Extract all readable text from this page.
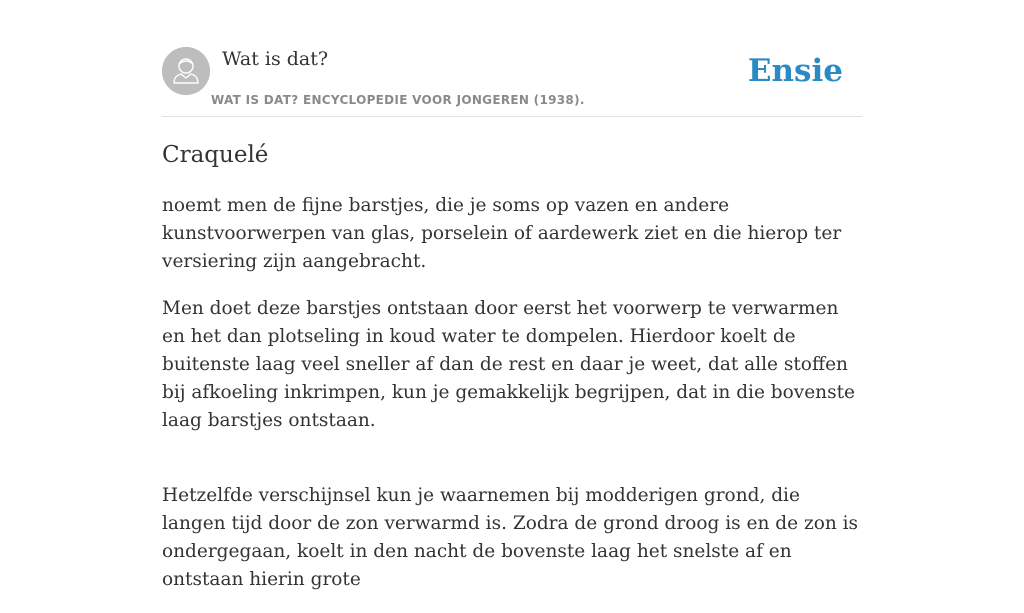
Wat is dat?
WAT IS DAT? ENCYCLOPEDIE VOOR JONGEREN (1938).
Ensie
Craquelé

noemt men de fijne barstjes, die je soms op vazen en andere kunstvoorwerpen van glas, porselein of aardewerk ziet en die hierop ter versiering zijn aangebracht.

Men doet deze barstjes ontstaan door eerst het voorwerp te verwarmen en het dan plotseling in koud water te dompelen. Hierdoor koelt de buitenste laag veel sneller af dan de rest en daar je weet, dat alle stoffen bij afkoeling inkrimpen, kun je gemakkelijk begrijpen, dat in die bovenste laag barstjes ontstaan.

Hetzelfde verschijnsel kun je waarnemen bij modderigen grond, die langen tijd door de zon verwarmd is. Zodra de grond droog is en de zon is ondergegaan, koelt in den nacht de bovenste laag het snelste af en ontstaan hierin grote
